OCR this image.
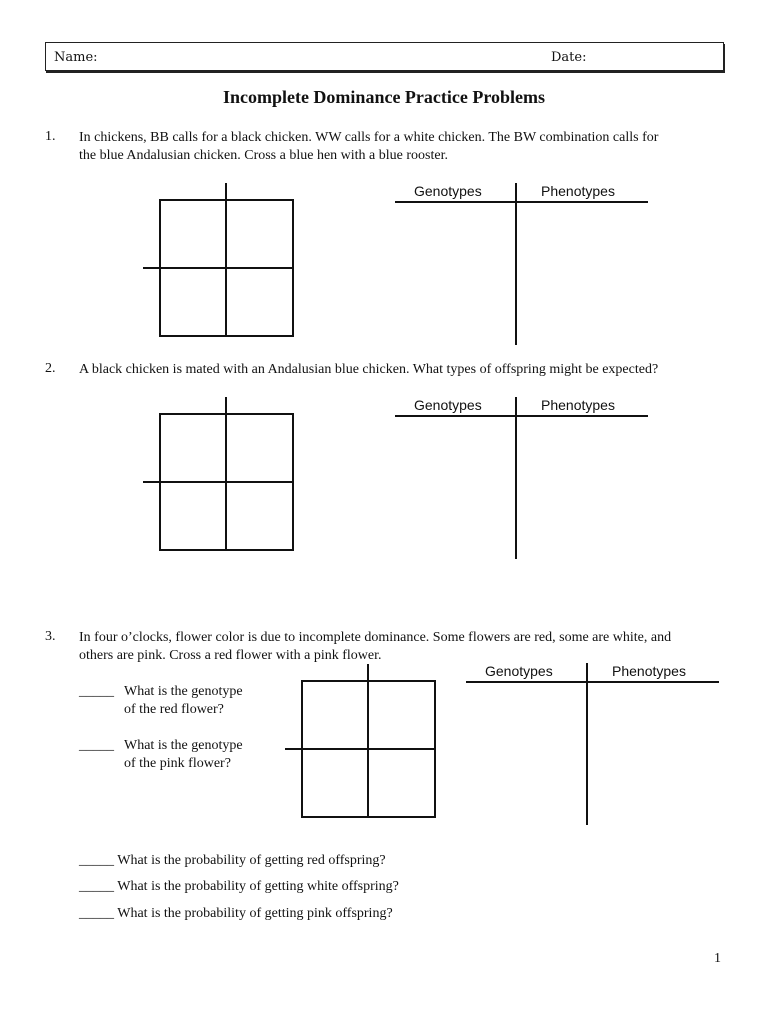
Name:	Date:
Incomplete Dominance Practice Problems
1. In chickens, BB calls for a black chicken. WW calls for a white chicken. The BW combination calls for
the blue Andalusian chicken. Cross a blue hen with a blue rooster.
Genotypes	Phenotypes
2. A black chicken is mated with an Andalusian blue chicken. What types of offspring might be expected?
Genotypes	Phenotypes
3. In four o’clocks, flower color is due to incomplete dominance. Some flowers are red, some are white, and
others are pink. Cross a red flower with a pink flower.
_____ What is the genotype
of the red flower?
_____ What is the genotype
of the pink flower?
Genotypes	Phenotypes
_____ What is the probability of getting red offspring?
_____ What is the probability of getting white offspring?
_____ What is the probability of getting pink offspring?
1
